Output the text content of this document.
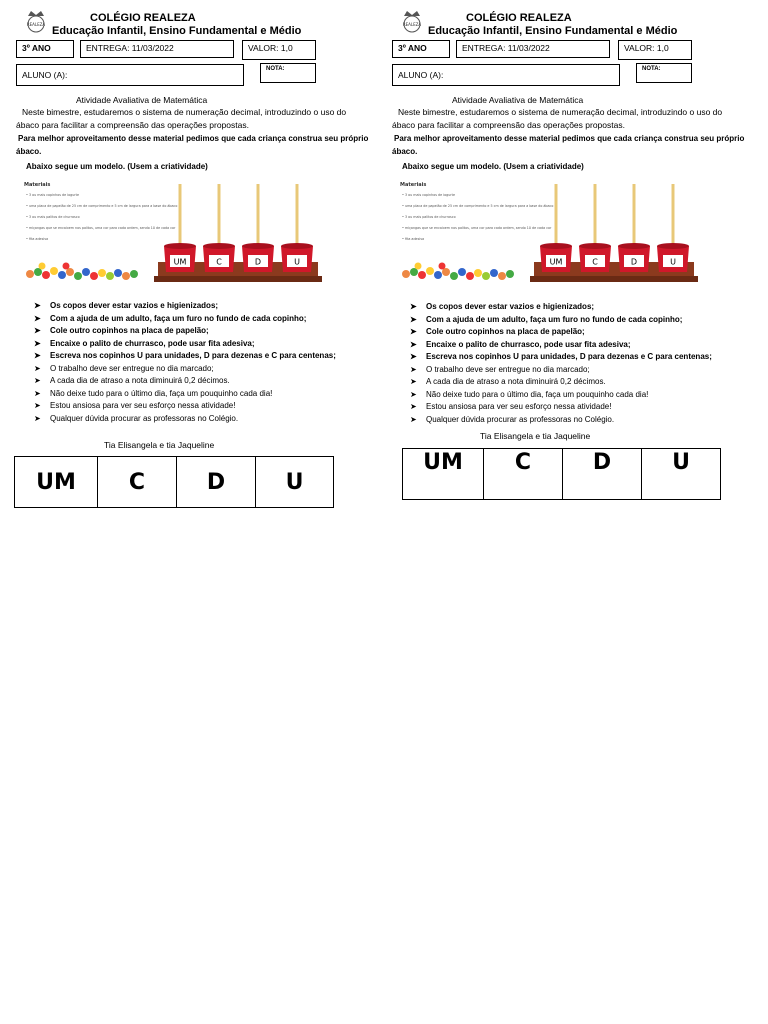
REALEZA
COLÉGIO REALEZA
Educação Infantil, Ensino Fundamental e Médio
3º ANO	ENTREGA: 11/03/2022	VALOR: 1,0
ALUNO (A):
NOTA:
Atividade Avaliativa de Matemática
Neste bimestre, estudaremos o sistema de numeração decimal, introduzindo o uso do ábaco para facilitar a compreensão das operações propostas.
Para melhor aproveitamento desse material pedimos que cada criança construa seu próprio ábaco.
Abaixo segue um modelo. (Usem a criatividade)
Materiais
• 3 ou mais copinhos de iogurte
• uma placa de papelão de 25 cm de comprimento e 5 cm de largura para a base do ábaco
• 3 ou mais palitos de churrasco
• miçangas que se encaixem nos palitos, uma cor para cada ordem, sendo 10 de cada cor
• fita adesiva
UM	C	D	U
➤ Os copos dever estar vazios e higienizados;
➤ Com a ajuda de um adulto, faça um furo no fundo de cada copinho;
➤ Cole outro copinhos na placa de papelão;
➤ Encaixe o palito de churrasco, pode usar fita adesiva;
➤ Escreva nos copinhos U para unidades, D para dezenas e C para centenas;
➤ O trabalho deve ser entregue no dia marcado;
➤ A cada dia de atraso a nota diminuirá 0,2 décimos.
➤ Não deixe tudo para o último dia, faça um pouquinho cada dia!
➤ Estou ansiosa para ver seu esforço nessa atividade!
➤ Qualquer dúvida procurar as professoras no Colégio.
Tia Elisangela e tia Jaqueline
UM	C	D	U
REALEZA
COLÉGIO REALEZA
Educação Infantil, Ensino Fundamental e Médio
3º ANO	ENTREGA: 11/03/2022	VALOR: 1,0
ALUNO (A):
NOTA:
Atividade Avaliativa de Matemática
Neste bimestre, estudaremos o sistema de numeração decimal, introduzindo o uso do ábaco para facilitar a compreensão das operações propostas.
Para melhor aproveitamento desse material pedimos que cada criança construa seu próprio ábaco.
Abaixo segue um modelo. (Usem a criatividade)
Materiais
• 3 ou mais copinhos de iogurte
• uma placa de papelão de 25 cm de comprimento e 5 cm de largura para a base do ábaco
• 3 ou mais palitos de churrasco
• miçangas que se encaixem nos palitos, uma cor para cada ordem, sendo 10 de cada cor
• fita adesiva
UM	C	D	U
➤ Os copos dever estar vazios e higienizados;
➤ Com a ajuda de um adulto, faça um furo no fundo de cada copinho;
➤ Cole outro copinhos na placa de papelão;
➤ Encaixe o palito de churrasco, pode usar fita adesiva;
➤ Escreva nos copinhos U para unidades, D para dezenas e C para centenas;
➤ O trabalho deve ser entregue no dia marcado;
➤ A cada dia de atraso a nota diminuirá 0,2 décimos.
➤ Não deixe tudo para o último dia, faça um pouquinho cada dia!
➤ Estou ansiosa para ver seu esforço nessa atividade!
➤ Qualquer dúvida procurar as professoras no Colégio.
Tia Elisangela e tia Jaqueline
UM	C	D	U
